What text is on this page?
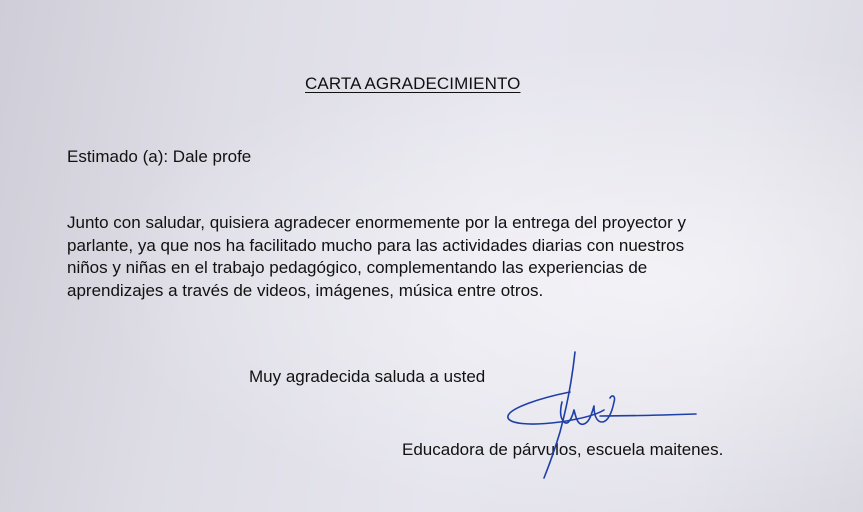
CARTA AGRADECIMIENTO
Estimado (a): Dale profe
Junto con saludar, quisiera agradecer enormemente por la entrega del proyector y
parlante, ya que nos ha facilitado mucho para las actividades diarias con nuestros
niños y niñas en el trabajo pedagógico, complementando las experiencias de
aprendizajes a través de videos, imágenes, música entre otros.
Muy agradecida saluda a usted
Educadora de párvulos, escuela maitenes.
